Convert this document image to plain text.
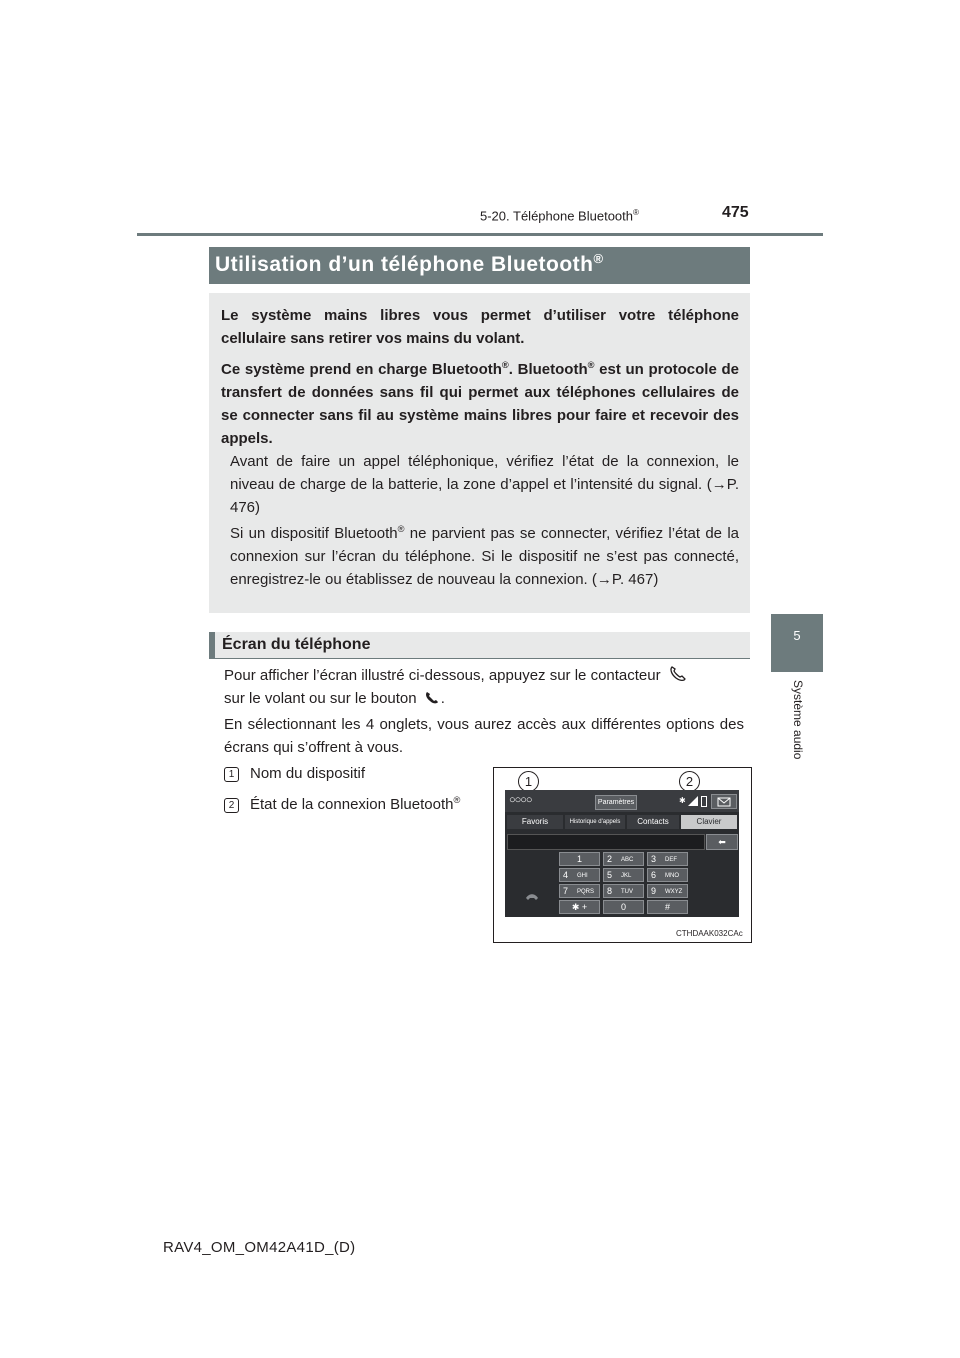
5-20. Téléphone Bluetooth®	475
5
Système audio
Utilisation d’un téléphone Bluetooth®
Le système mains libres vous permet d’utiliser votre téléphone cellulaire sans retirer vos mains du volant.
Ce système prend en charge Bluetooth®. Bluetooth® est un protocole de transfert de données sans fil qui permet aux téléphones cellulaires de se connecter sans fil au système mains libres pour faire et recevoir des appels.
Avant de faire un appel téléphonique, vérifiez l’état de la connexion, le niveau de charge de la batterie, la zone d’appel et l’intensité du signal. (→P. 476)
Si un dispositif Bluetooth® ne parvient pas se connecter, vérifiez l’état de la connexion sur l’écran du téléphone. Si le dispositif ne s’est pas connecté, enregistrez-le ou établissez de nouveau la connexion. (→P. 467)
Écran du téléphone
Pour afficher l’écran illustré ci-dessous, appuyez sur le contacteur
sur le volant ou sur le bouton .
En sélectionnant les 4 onglets, vous aurez accès aux différentes options des écrans qui s’offrent à vous.
1 Nom du dispositif
2 État de la connexion Bluetooth®
1	2
○○○○	Paramètres	✱
Favoris	Historique d'appels	Contacts	Clavier
⬅
1	2 ABC 3 DEF
4 GHI 5 JKL 6 MNO
7 PQRS 8 TUV 9 WXYZ
✱ +	0	#
CTHDAAK032CAc
RAV4_OM_OM42A41D_(D)
